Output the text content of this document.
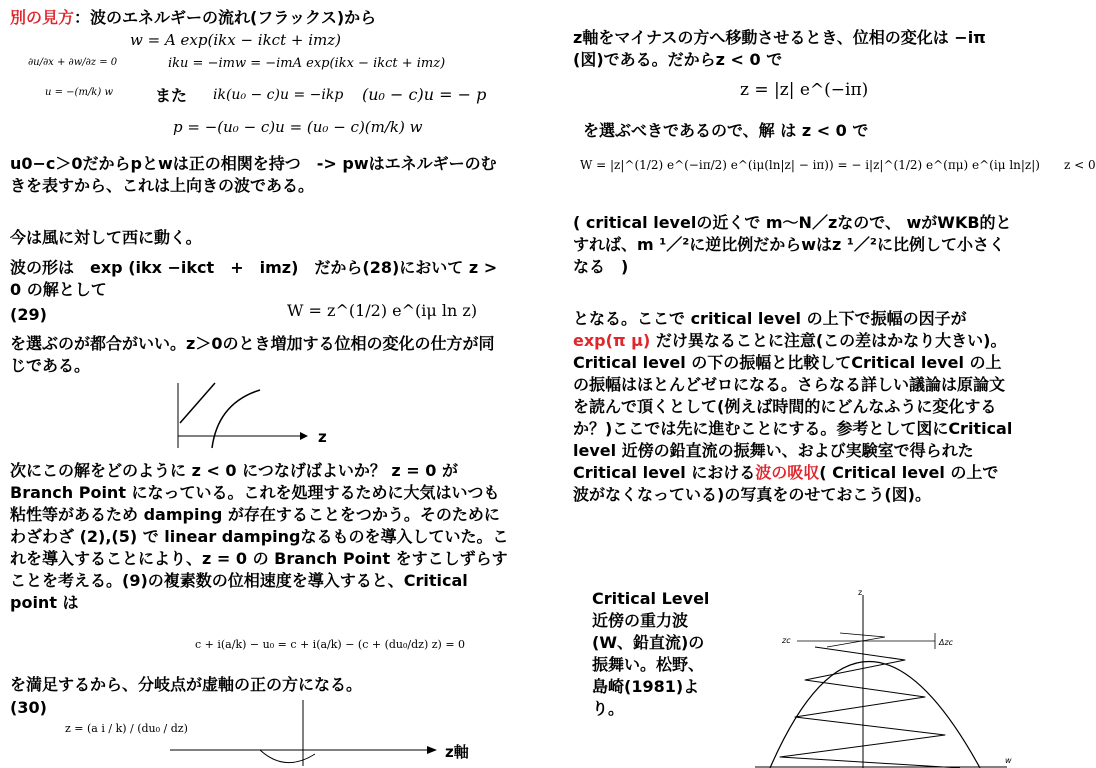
別の見方：波のエネルギーの流れ(フラックス)から
w = A exp(ikx − ikct + imz)
∂u/∂x + ∂w/∂z = 0	iku = −imw = −imA exp(ikx − ikct + imz)
u = −(m/k) w	また ik(u₀ − c)u = −ikp (u₀ − c)u = − p
p = −(u₀ − c)u = (u₀ − c)(m/k) w
u0−c＞0だからpとwは正の相関を持つ　-> pwはエネルギーのむきを表すから、これは上向きの波である。
今は風に対して西に動く。
波の形は　exp (ikx −ikct　+　imz)　だから(28)において z > 0 の解として
(29)	W = z^(1/2) e^(iμ ln z)
を選ぶのが都合がいい。z＞0のとき増加する位相の変化の仕方が同じである。
z
次にこの解をどのように z < 0 につなげばよいか？ z = 0 が Branch Point になっている。これを処理するために大気はいつも粘性等があるため damping が存在することをつかう。そのためにわざわざ (2),(5) で linear dampingなるものを導入していた。これを導入することにより、z = 0 の Branch Point をすこしずらすことを考える。(9)の複素数の位相速度を導入すると、Critical point は
c + i(a/k) − u₀ = c + i(a/k) − (c + (du₀/dz) z) = 0
を満足するから、分岐点が虚軸の正の方になる。
(30)
z = (a i / k) / (du₀ / dz)
z軸
z軸をマイナスの方へ移動させるとき、位相の変化は −iπ (図)である。だからz < 0 で
z = |z| e^(−iπ)
を選ぶべきであるので、解 は z < 0 で
W = |z|^(1/2) e^(−iπ/2) e^(iμ(ln|z| − iπ)) = − i|z|^(1/2) e^(πμ) e^(iμ ln|z|)　　z < 0
( critical levelの近くで m～N／zなので、 wがWKB的とすれば、m ¹／²に逆比例だからwはz ¹／²に比例して小さくなる　)
となる。ここで critical level の上下で振幅の因子がexp(π μ) だけ異なることに注意(この差はかなり大きい)。Critical level の下の振幅と比較してCritical level の上の振幅はほとんどゼロになる。さらなる詳しい議論は原論文を読んで頂くとして(例えば時間的にどんなふうに変化するか？)ここでは先に進むことにする。参考として図にCritical　level 近傍の鉛直流の振舞い、および実験室で得られたCritical level における波の吸収( Critical level の上で波がなくなっている)の写真をのせておこう(図)。
Critical Level
近傍の重力波
(W、鉛直流)の
振舞い。松野、
島崎(1981)よ
り。
z
zc	Δzc
w
